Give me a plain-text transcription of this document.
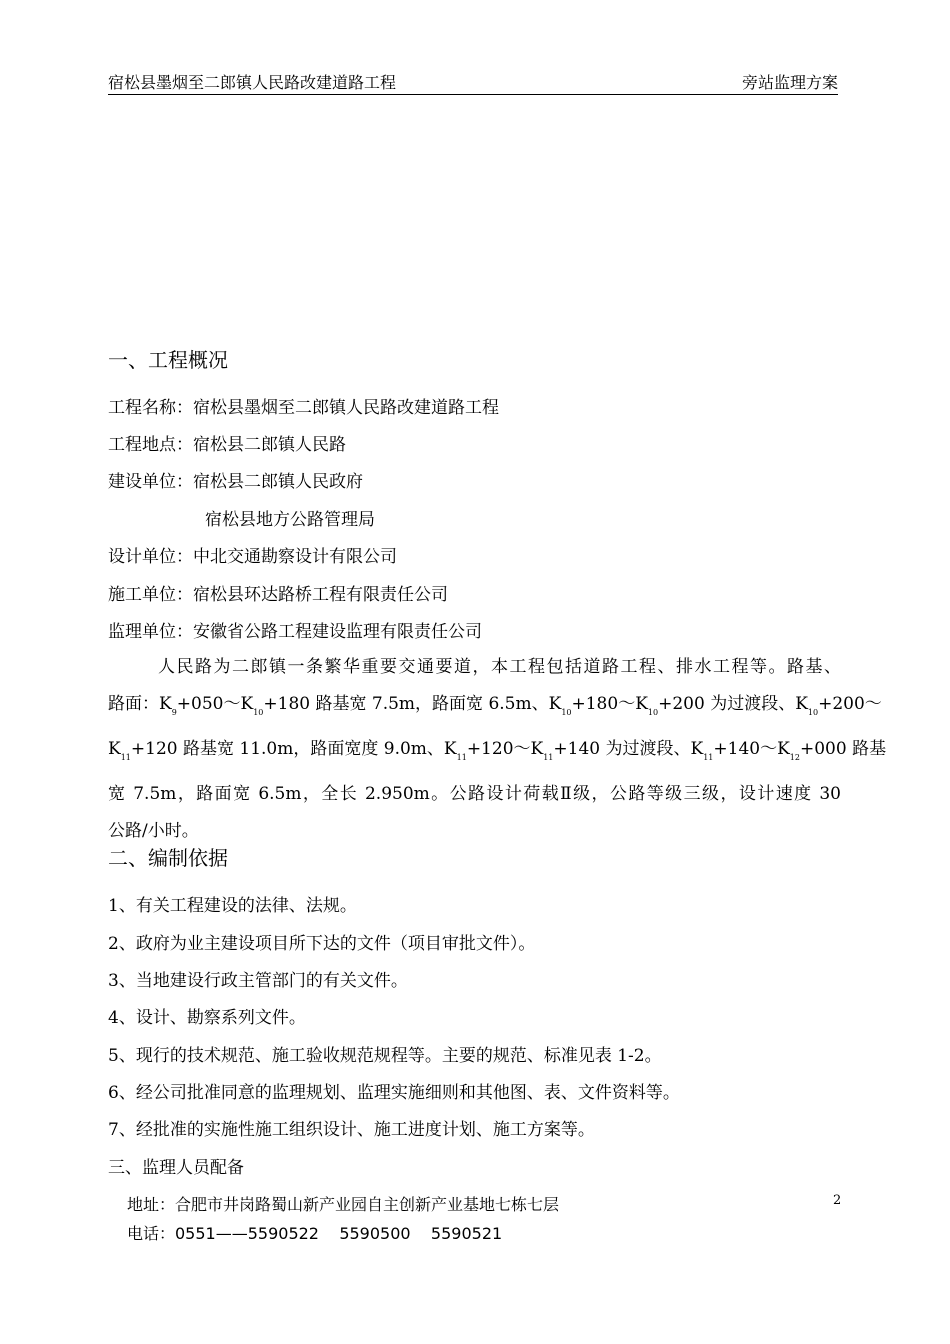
宿松县墨烟至二郎镇人民路改建道路工程	旁站监理方案
一、工程概况
工程名称：宿松县墨烟至二郎镇人民路改建道路工程
工程地点：宿松县二郎镇人民路
建设单位：宿松县二郎镇人民政府
宿松县地方公路管理局
设计单位：中北交通勘察设计有限公司
施工单位：宿松县环达路桥工程有限责任公司
监理单位：安徽省公路工程建设监理有限责任公司
人民路为二郎镇一条繁华重要交通要道，本工程包括道路工程、排水工程等。路基、
路面：$K_9+050\sim K_{10}+180$ 路基宽 7.5m，路面宽 6.5m、$K_{10}+180\sim K_{10}+200$ 为过渡段、$K_{10}+200\sim$
$K_{11}+120$ 路基宽 11.0m，路面宽度 9.0m、$K_{11}+120\sim K_{11}+140$ 为过渡段、$K_{11}+140\sim K_{12}+000$ 路基
宽 7.5m，路面宽 6.5m，全长 2.950m。公路设计荷载Ⅱ级，公路等级三级，设计速度 30
公路/小时。
二、编制依据
1、有关工程建设的法律、法规。
2、政府为业主建设项目所下达的文件（项目审批文件）。
3、当地建设行政主管部门的有关文件。
4、设计、勘察系列文件。
5、现行的技术规范、施工验收规范规程等。主要的规范、标准见表 1-2。
6、经公司批准同意的监理规划、监理实施细则和其他图、表、文件资料等。
7、经批准的实施性施工组织设计、施工进度计划、施工方案等。
三、监理人员配备
地址：合肥市井岗路蜀山新产业园自主创新产业基地七栋七层
电话：0551——5590522    5590500    5590521
2
